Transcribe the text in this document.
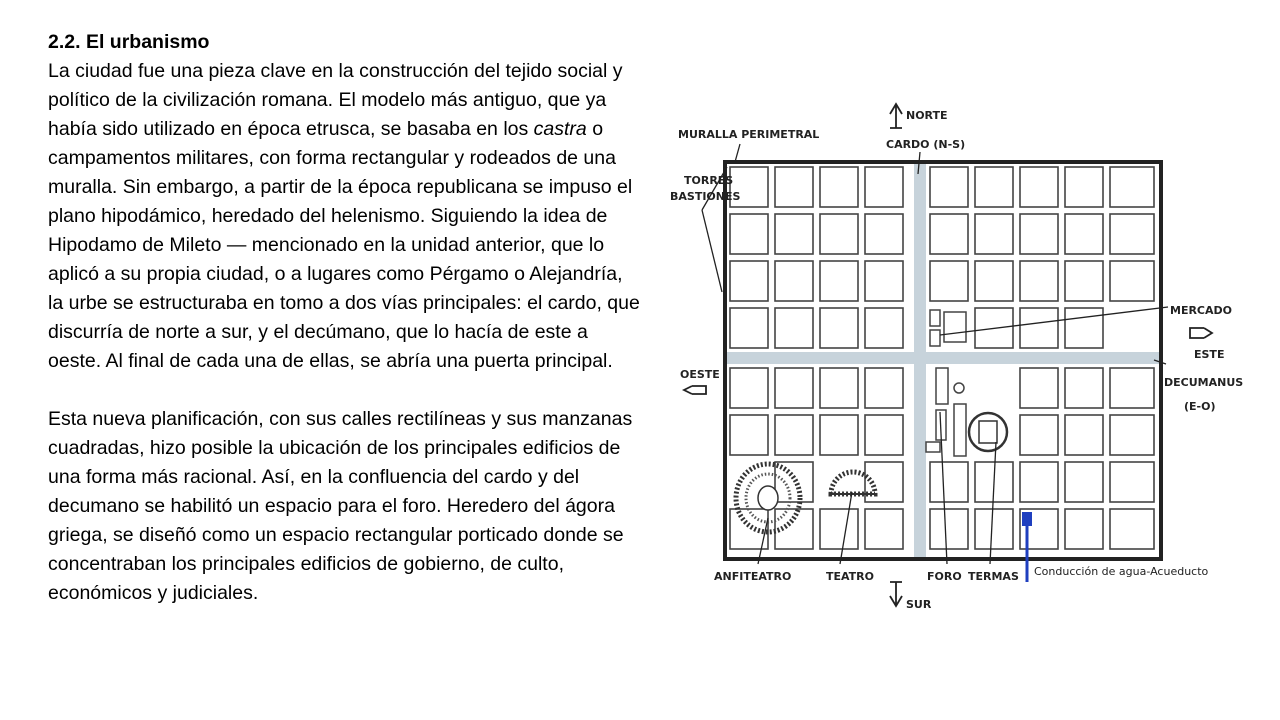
2.2. El urbanismo

La ciudad fue una pieza clave en la construcción del tejido social y político de la civilización romana. El modelo más antiguo, que ya había sido utilizado en época etrusca, se basaba en los castra o campamentos militares, con forma rectangular y rodeados de una muralla. Sin embargo, a partir de la época republicana se impuso el plano hipodámico, heredado del helenismo. Siguiendo la idea de Hipodamo de Mileto — mencionado en la unidad anterior, que lo aplicó a su propia ciudad, o a lugares como Pérgamo o Alejandría, la urbe se estructuraba en tomo a dos vías principales: el cardo, que discurría de norte a sur, y el decúmano, que lo hacía de este a oeste. Al final de cada una de ellas, se abría una puerta principal.

Esta nueva planificación, con sus calles rectilíneas y sus manzanas cuadradas, hizo posible la ubicación de los principales edificios de una forma más racional. Así, en la confluencia del cardo y del decumano se habilitó un espacio para el foro. Heredero del ágora griega, se diseñó como un espacio rectangular porticado donde se concentraban los principales edificios de gobierno, de culto, económicos y judiciales.

NORTE
MURALLA PERIMETRAL
CARDO (N-S)
TORRES
BASTIONES
MERCADO
ESTE
OESTE
DECUMANUS
(E-O)
ANFITEATRO	TEATRO	FORO TERMAS Conducción de agua-Acueducto
SUR
